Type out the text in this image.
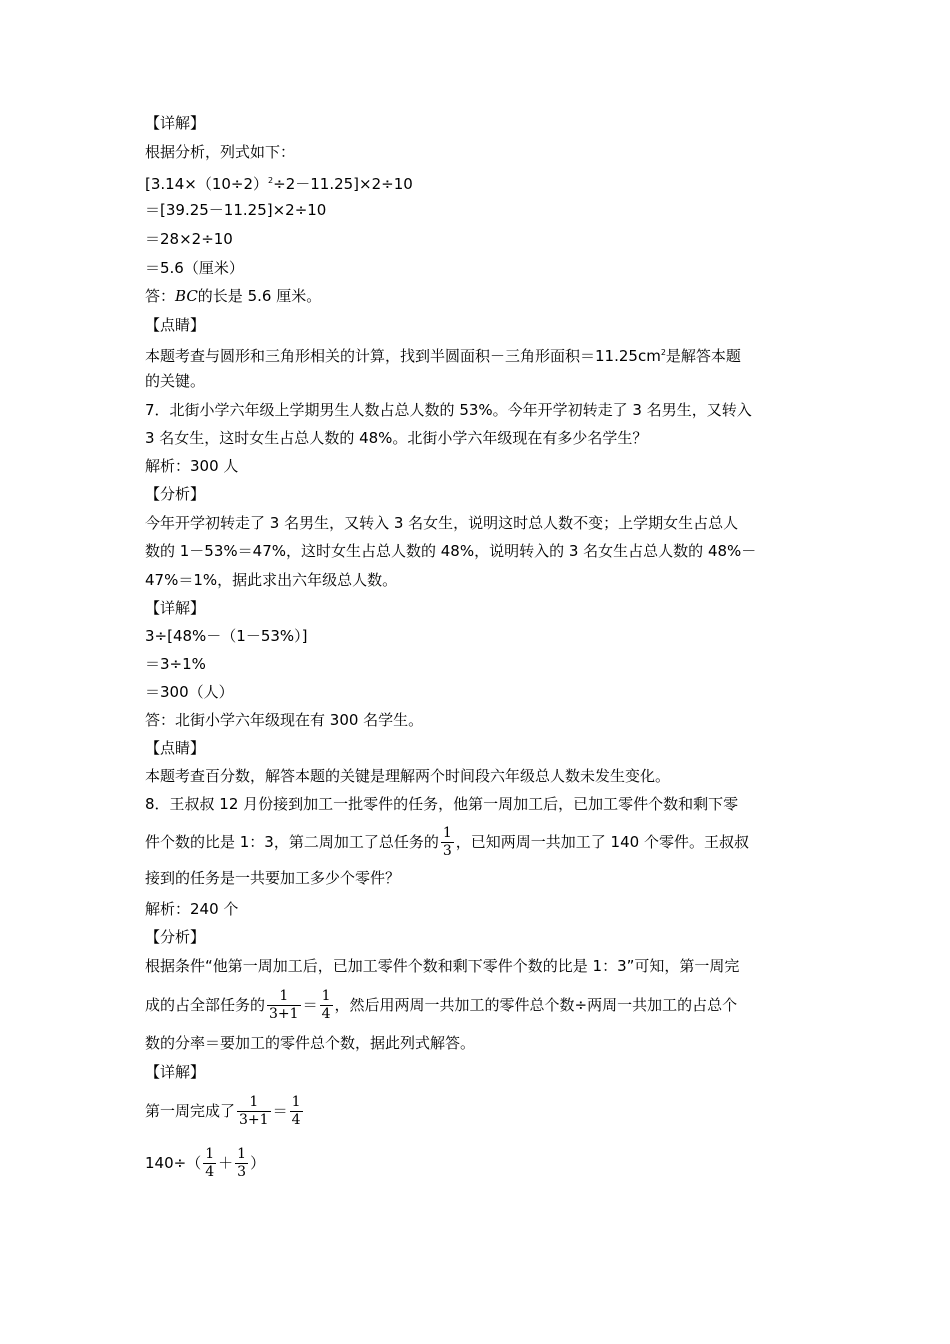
【详解】
根据分析，列式如下：
$[3.14\times(10\div 2)^2\div 2-11.25]\times 2\div 10$
＝[39.25－11.25]×2÷10
＝28×2÷10
＝5.6（厘米）
答：BC的长是 5.6 厘米。
【点睛】
本题考查与圆形和三角形相关的计算，找到半圆面积－三角形面积$=11.25cm^2$是解答本题
的关键。
7．北街小学六年级上学期男生人数占总人数的 53%。今年开学初转走了 3 名男生，又转入
3 名女生，这时女生占总人数的 48%。北街小学六年级现在有多少名学生？
解析：300 人
【分析】
今年开学初转走了 3 名男生，又转入 3 名女生，说明这时总人数不变；上学期女生占总人
数的 1－53%＝47%，这时女生占总人数的 48%，说明转入的 3 名女生占总人数的 48%－
47%＝1%，据此求出六年级总人数。
【详解】
3÷[48%－（1－53%）]
＝3÷1%
＝300（人）
答：北街小学六年级现在有 300 名学生。
【点睛】
本题考查百分数，解答本题的关键是理解两个时间段六年级总人数未发生变化。
8．王叔叔 12 月份接到加工一批零件的任务，他第一周加工后，已加工零件个数和剩下零
件个数的比是 1：3，第二周加工了总任务的 $\frac{1}{3}$ ，已知两周一共加工了 140 个零件。王叔叔
接到的任务是一共要加工多少个零件？
解析：240 个
【分析】
根据条件“他第一周加工后，已加工零件个数和剩下零件个数的比是 1：3”可知，第一周完
成的占全部任务的 $\frac{1}{3+1} = \frac{1}{4}$ ，然后用两周一共加工的零件总个数÷两周一共加工的占总个
数的分率＝要加工的零件总个数，据此列式解答。
【详解】
第一周完成了 $\frac{1}{3+1} = \frac{1}{4}$
$140\div( \frac{1}{4} + \frac{1}{3}$ ）
